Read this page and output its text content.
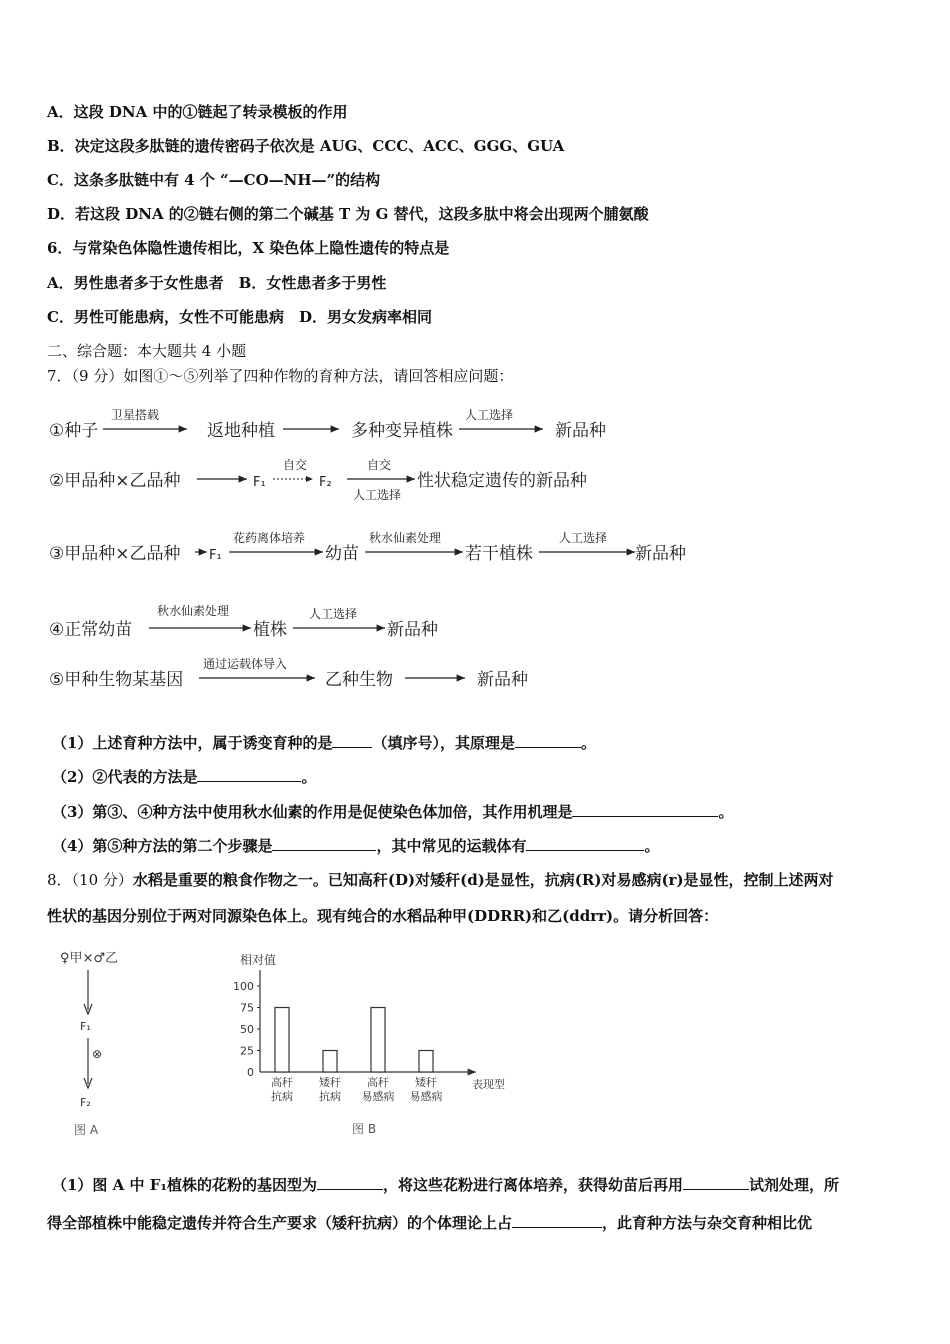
A．这段 DNA 中的①链起了转录模板的作用
B．决定这段多肽链的遗传密码子依次是 AUG、CCC、ACC、GGG、GUA
C．这条多肽链中有 4 个 “—CO—NH—”的结构
D．若这段 DNA 的②链右侧的第二个碱基 T 为 G 替代，这段多肽中将会出现两个脯氨酸
6．与常染色体隐性遗传相比，X 染色体上隐性遗传的特点是
A．男性患者多于女性患者　B．女性患者多于男性
C．男性可能患病，女性不可能患病　D．男女发病率相同
二、综合题：本大题共 4 小题
7．（9 分）如图①～⑤列举了四种作物的育种方法，请回答相应问题：
①种子
卫星搭载
返地种植	多种变异植株
人工选择
新品种
②甲品种×乙品种	F₁
自交
F₂
自交
人工选择
性状稳定遗传的新品种
③甲品种×乙品种 F₁
花药离体培养
幼苗
秋水仙素处理
若干植株
人工选择
新品种
④正常幼苗
秋水仙素处理
植株
人工选择
新品种
⑤甲种生物某基因
通过运载体导入
乙种生物	新品种
（1）上述育种方法中，属于诱变育种的是	（填序号），其原理是	。
（2）②代表的方法是	。
（3）第③、④种方法中使用秋水仙素的作用是促使染色体加倍，其作用机理是	。
（4）第⑤种方法的第二个步骤是	，其中常见的运载体有	。
8．（10 分）水稻是重要的粮食作物之一。已知高秆(D)对矮秆(d)是显性，抗病(R)对易感病(r)是显性，控制上述两对
性状的基因分别位于两对同源染色体上。现有纯合的水稻品种甲(DDRR)和乙(ddrr)。请分析回答：
♀甲×♂乙
F₁
⊗
F₂
图 A
相对值
表现型
图 B
0
25
50
75
100
高秆
抗病
矮秆
抗病
高秆
易感病
矮秆
易感病
（1）图 A 中 F₁植株的花粉的基因型为	，将这些花粉进行离体培养，获得幼苗后再用	试剂处理，所
得全部植株中能稳定遗传并符合生产要求（矮秆抗病）的个体理论上占	，此育种方法与杂交育种相比优
